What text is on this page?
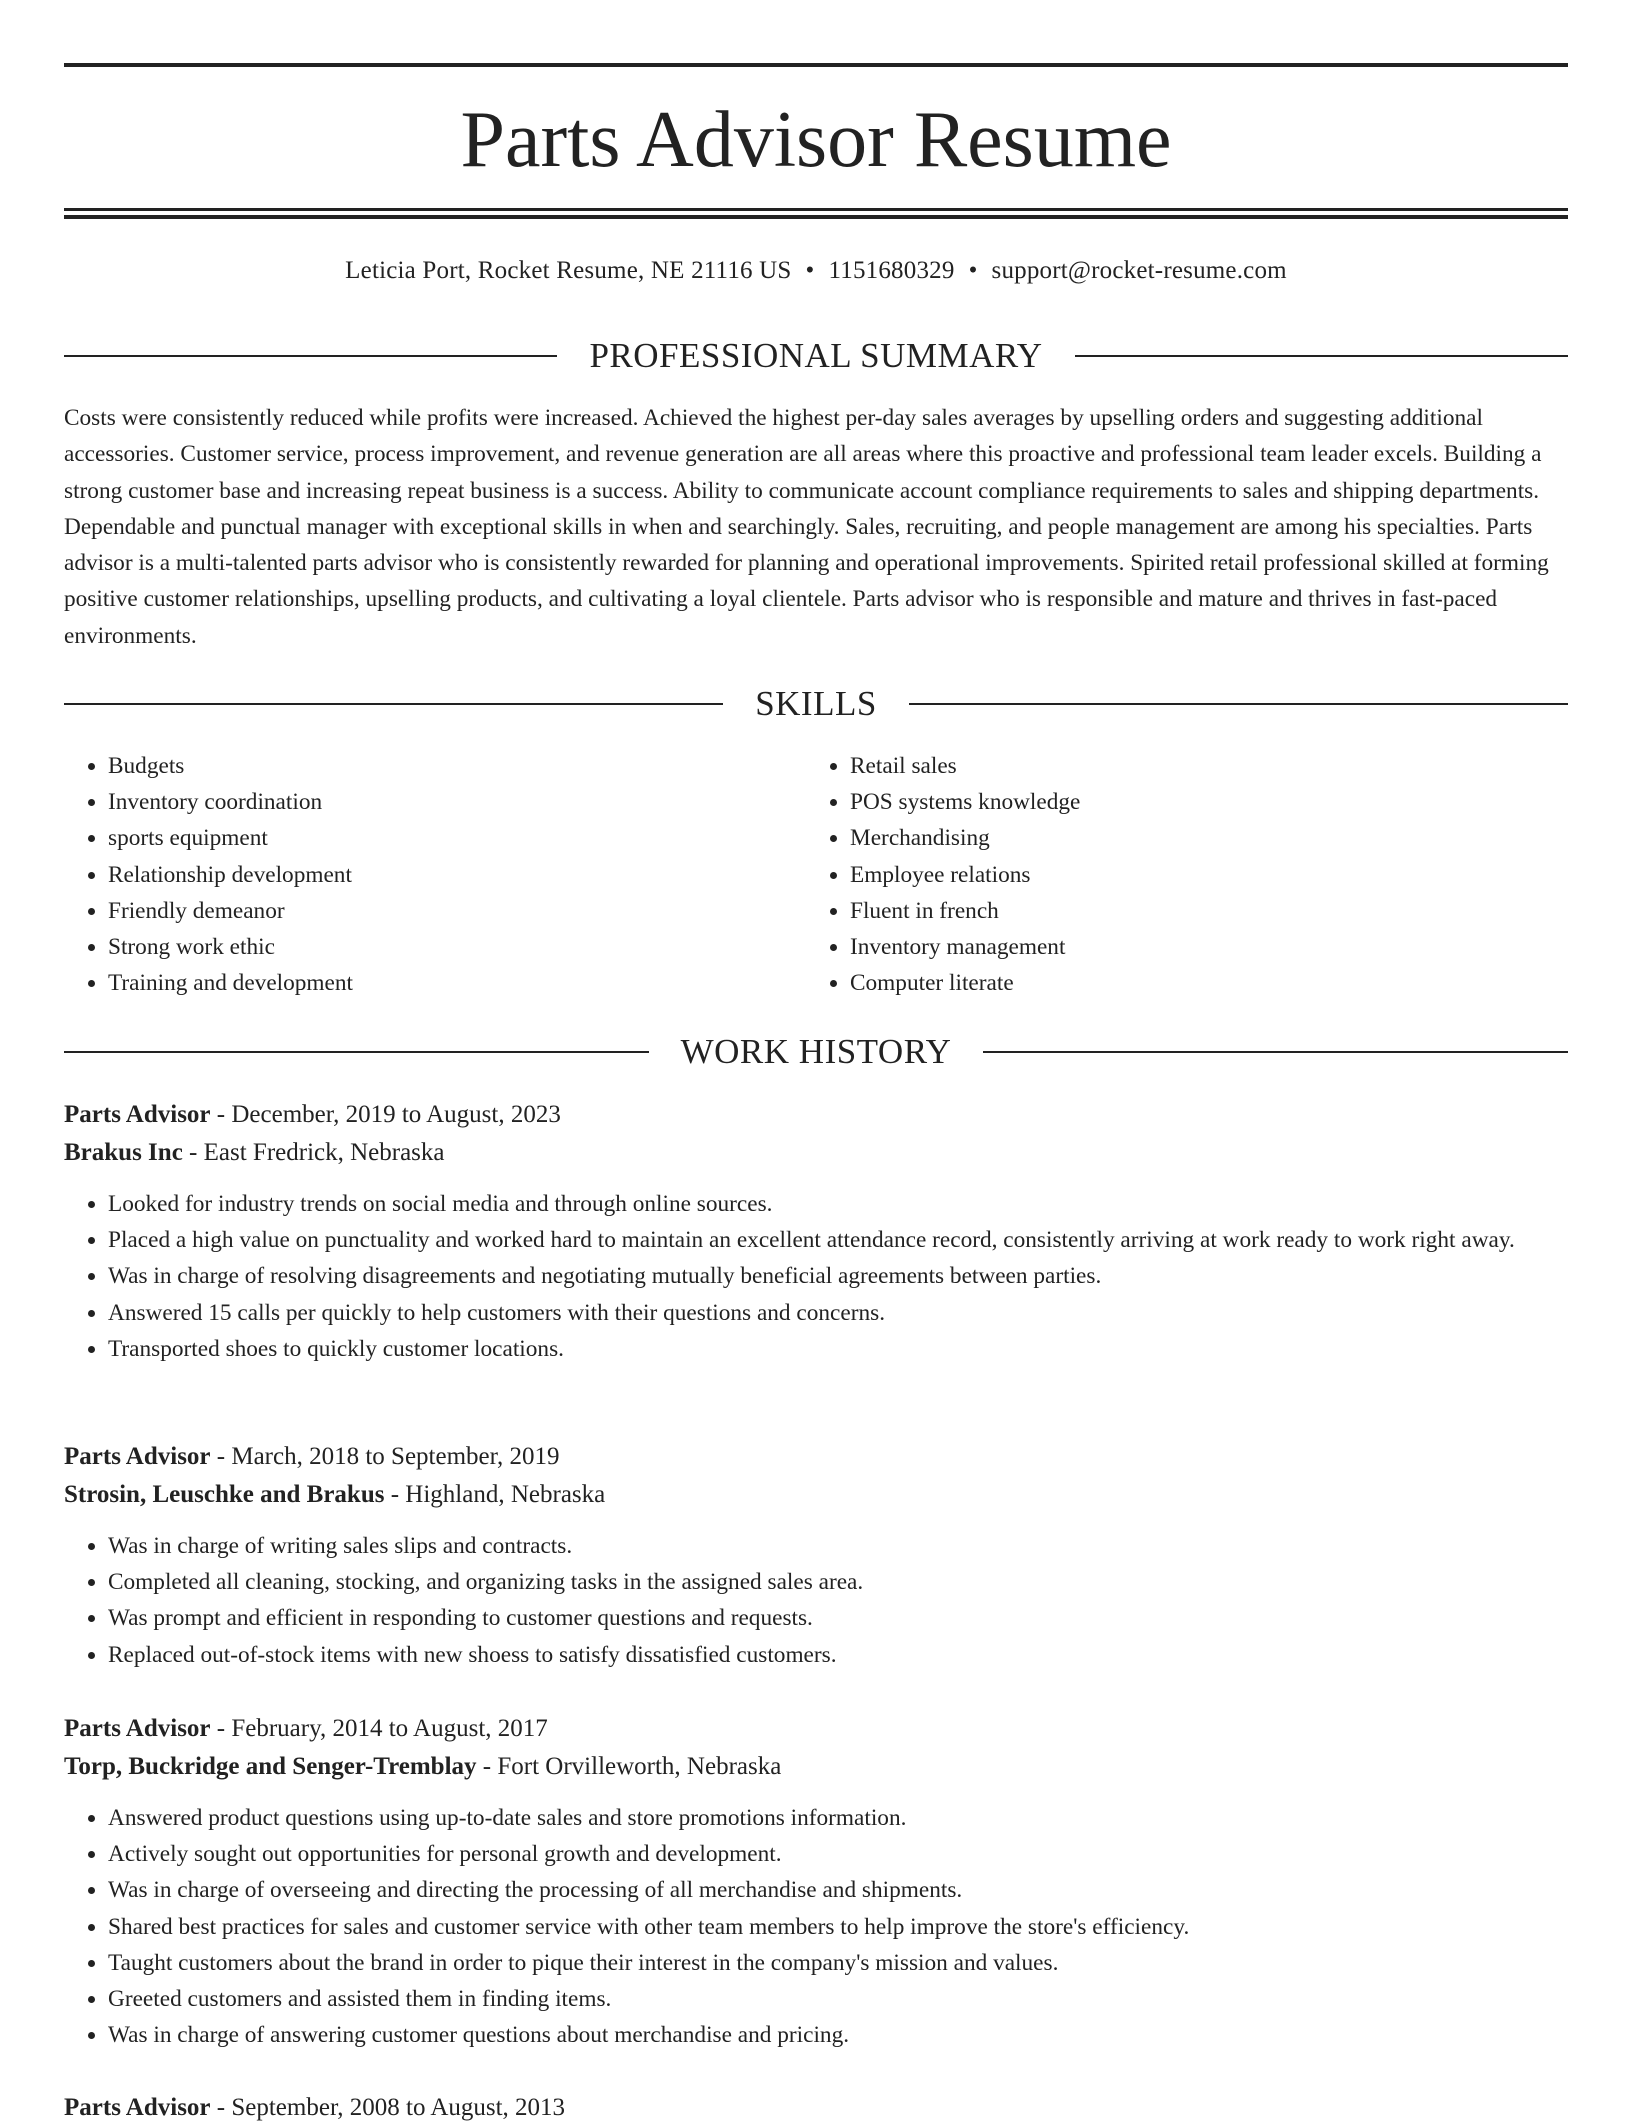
Parts Advisor Resume
Leticia Port, Rocket Resume, NE 21116 US • 1151680329 • support@rocket-resume.com
PROFESSIONAL SUMMARY

Costs were consistently reduced while profits were increased. Achieved the highest per-day sales averages by upselling orders and suggesting additional accessories. Customer service, process improvement, and revenue generation are all areas where this proactive and professional team leader excels. Building a strong customer base and increasing repeat business is a success. Ability to communicate account compliance requirements to sales and shipping departments. Dependable and punctual manager with exceptional skills in when and searchingly. Sales, recruiting, and people management are among his specialties. Parts advisor is a multi-talented parts advisor who is consistently rewarded for planning and operational improvements. Spirited retail professional skilled at forming positive customer relationships, upselling products, and cultivating a loyal clientele. Parts advisor who is responsible and mature and thrives in fast-paced environments.

SKILLS
• Budgets
• Inventory coordination
• sports equipment
• Relationship development
• Friendly demeanor
• Strong work ethic
• Training and development
• Retail sales
• POS systems knowledge
• Merchandising
• Employee relations
• Fluent in french
• Inventory management
• Computer literate
WORK HISTORY
Parts Advisor - December, 2019 to August, 2023
Brakus Inc - East Fredrick, Nebraska
• Looked for industry trends on social media and through online sources.
• Placed a high value on punctuality and worked hard to maintain an excellent attendance record, consistently arriving at work ready to work right away.
• Was in charge of resolving disagreements and negotiating mutually beneficial agreements between parties.
• Answered 15 calls per quickly to help customers with their questions and concerns.
• Transported shoes to quickly customer locations.
Parts Advisor - March, 2018 to September, 2019
Strosin, Leuschke and Brakus - Highland, Nebraska
• Was in charge of writing sales slips and contracts.
• Completed all cleaning, stocking, and organizing tasks in the assigned sales area.
• Was prompt and efficient in responding to customer questions and requests.
• Replaced out-of-stock items with new shoess to satisfy dissatisfied customers.
Parts Advisor - February, 2014 to August, 2017
Torp, Buckridge and Senger-Tremblay - Fort Orvilleworth, Nebraska
• Answered product questions using up-to-date sales and store promotions information.
• Actively sought out opportunities for personal growth and development.
• Was in charge of overseeing and directing the processing of all merchandise and shipments.
• Shared best practices for sales and customer service with other team members to help improve the store's efficiency.
• Taught customers about the brand in order to pique their interest in the company's mission and values.
• Greeted customers and assisted them in finding items.
• Was in charge of answering customer questions about merchandise and pricing.
Parts Advisor - September, 2008 to August, 2013
